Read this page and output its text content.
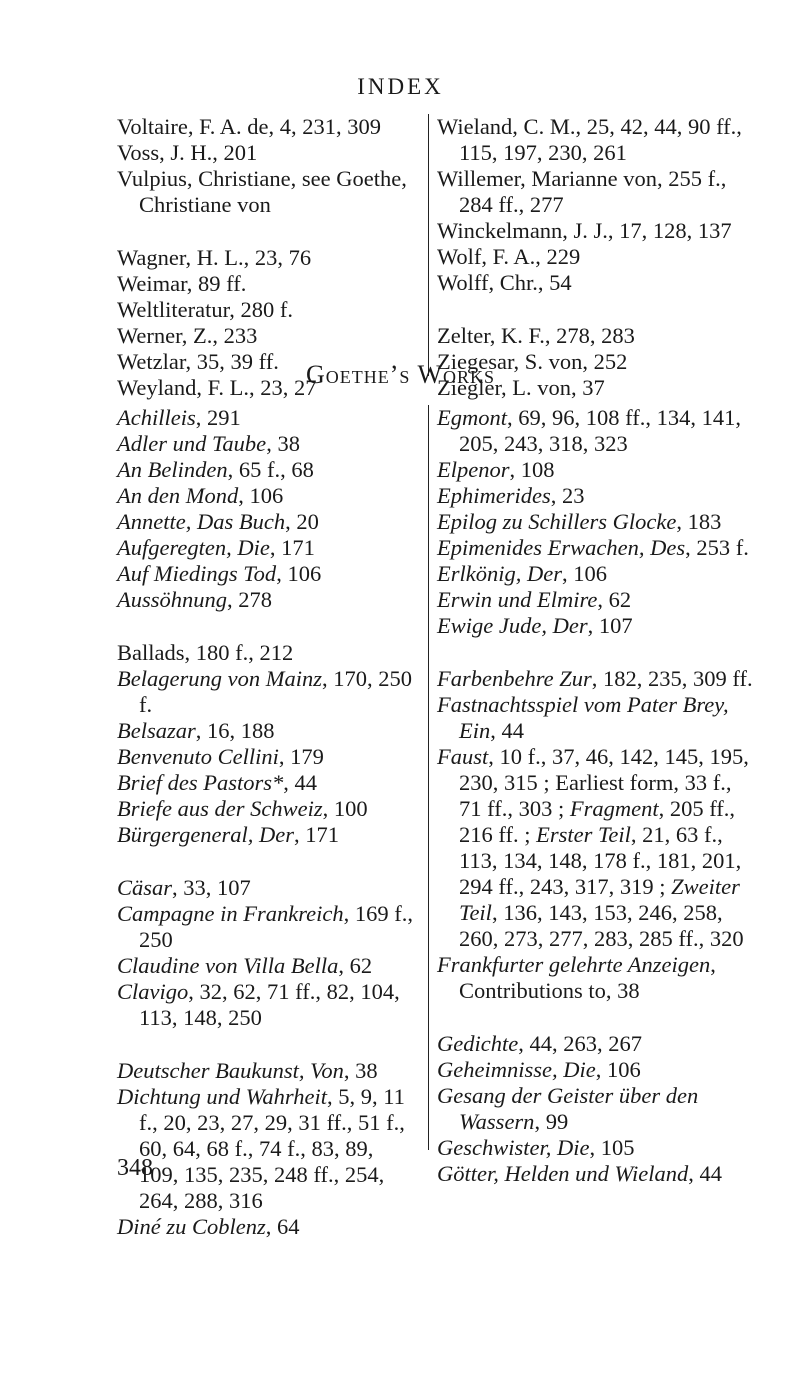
INDEX
Voltaire, F. A. de, 4, 231, 309
Voss, J. H., 201
Vulpius, Christiane, see Goethe, Christiane von
Wagner, H. L., 23, 76
Weimar, 89 ff.
Weltliteratur, 280 f.
Werner, Z., 233
Wetzlar, 35, 39 ff.
Weyland, F. L., 23, 27
Wieland, C. M., 25, 42, 44, 90 ff., 115, 197, 230, 261
Willemer, Marianne von, 255 f., 284 ff., 277
Winckelmann, J. J., 17, 128, 137
Wolf, F. A., 229
Wolff, Chr., 54
Zelter, K. F., 278, 283
Ziegesar, S. von, 252
Ziegler, L. von, 37
Goethe’s Works
Achilleis, 291
Adler und Taube, 38
An Belinden, 65 f., 68
An den Mond, 106
Annette, Das Buch, 20
Aufgeregten, Die, 171
Auf Miedings Tod, 106
Aussöhnung, 278
Ballads, 180 f., 212
Belagerung von Mainz, 170, 250 f.
Belsazar, 16, 188
Benvenuto Cellini, 179
Brief des Pastors*, 44
Briefe aus der Schweiz, 100
Bürgergeneral, Der, 171
Cäsar, 33, 107
Campagne in Frankreich, 169 f., 250
Claudine von Villa Bella, 62
Clavigo, 32, 62, 71 ff., 82, 104, 113, 148, 250
Deutscher Baukunst, Von, 38
Dichtung und Wahrheit, 5, 9, 11 f., 20, 23, 27, 29, 31 ff., 51 f., 60, 64, 68 f., 74 f., 83, 89, 109, 135, 235, 248 ff., 254, 264, 288, 316
Diné zu Coblenz, 64
Egmont, 69, 96, 108 ff., 134, 141, 205, 243, 318, 323
Elpenor, 108
Ephimerides, 23
Epilog zu Schillers Glocke, 183
Epimenides Erwachen, Des, 253 f.
Erlkönig, Der, 106
Erwin und Elmire, 62
Ewige Jude, Der, 107
Farbenbehre Zur, 182, 235, 309 ff.
Fastnachtsspiel vom Pater Brey, Ein, 44
Faust, 10 f., 37, 46, 142, 145, 195, 230, 315 ; Earliest form, 33 f., 71 ff., 303 ; Fragment, 205 ff., 216 ff. ; Erster Teil, 21, 63 f., 113, 134, 148, 178 f., 181, 201, 294 ff., 243, 317, 319 ; Zweiter Teil, 136, 143, 153, 246, 258, 260, 273, 277, 283, 285 ff., 320
Frankfurter gelehrte Anzeigen, Contributions to, 38
Gedichte, 44, 263, 267
Geheimnisse, Die, 106
Gesang der Geister über den Wassern, 99
Geschwister, Die, 105
Götter, Helden und Wieland, 44
348
